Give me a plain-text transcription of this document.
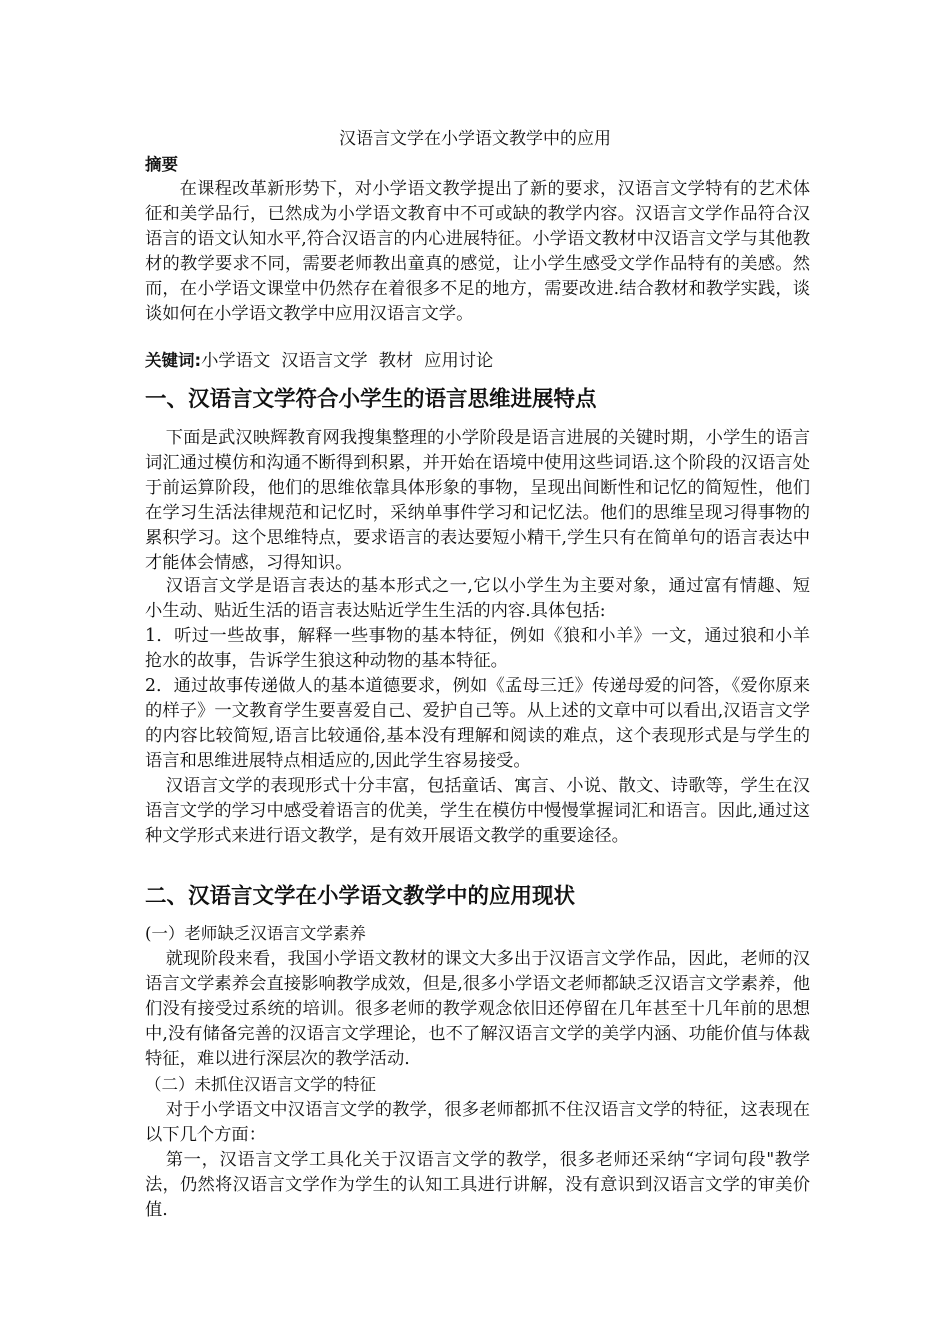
汉语言文学在小学语文教学中的应用
摘要

在课程改革新形势下，对小学语文教学提出了新的要求，汉语言文学特有的艺术体征和美学品行，已然成为小学语文教育中不可或缺的教学内容。汉语言文学作品符合汉语言的语文认知水平,符合汉语言的内心进展特征。小学语文教材中汉语言文学与其他教材的教学要求不同，需要老师教出童真的感觉，让小学生感受文学作品特有的美感。然而，在小学语文课堂中仍然存在着很多不足的地方，需要改进.结合教材和教学实践，谈谈如何在小学语文教学中应用汉语言文学。

关键词:小学语文  汉语言文学  教材  应用讨论
一、汉语言文学符合小学生的语言思维进展特点

下面是武汉映辉教育网我搜集整理的小学阶段是语言进展的关键时期，小学生的语言词汇通过模仿和沟通不断得到积累，并开始在语境中使用这些词语.这个阶段的汉语言处于前运算阶段，他们的思维依靠具体形象的事物，呈现出间断性和记忆的简短性，他们在学习生活法律规范和记忆时，采纳单事件学习和记忆法。他们的思维呈现习得事物的累积学习。这个思维特点，要求语言的表达要短小精干,学生只有在简单句的语言表达中才能体会情感，习得知识。

汉语言文学是语言表达的基本形式之一,它以小学生为主要对象，通过富有情趣、短小生动、贴近生活的语言表达贴近学生生活的内容.具体包括:

1．听过一些故事，解释一些事物的基本特征，例如《狼和小羊》一文，通过狼和小羊抢水的故事，告诉学生狼这种动物的基本特征。

2．通过故事传递做人的基本道德要求，例如《孟母三迁》传递母爱的问答，《爱你原来的样子》一文教育学生要喜爱自己、爱护自己等。从上述的文章中可以看出,汉语言文学的内容比较简短,语言比较通俗,基本没有理解和阅读的难点，这个表现形式是与学生的语言和思维进展特点相适应的,因此学生容易接受。

汉语言文学的表现形式十分丰富，包括童话、寓言、小说、散文、诗歌等，学生在汉语言文学的学习中感受着语言的优美，学生在模仿中慢慢掌握词汇和语言。因此,通过这种文学形式来进行语文教学，是有效开展语文教学的重要途径。

二、汉语言文学在小学语文教学中的应用现状
(一）老师缺乏汉语言文学素养

就现阶段来看，我国小学语文教材的课文大多出于汉语言文学作品，因此，老师的汉语言文学素养会直接影响教学成效，但是,很多小学语文老师都缺乏汉语言文学素养，他们没有接受过系统的培训。很多老师的教学观念依旧还停留在几年甚至十几年前的思想中,没有储备完善的汉语言文学理论，也不了解汉语言文学的美学内涵、功能价值与体裁特征，难以进行深层次的教学活动.

（二）未抓住汉语言文学的特征

对于小学语文中汉语言文学的教学，很多老师都抓不住汉语言文学的特征，这表现在以下几个方面：

第一，汉语言文学工具化关于汉语言文学的教学，很多老师还采纳“字词句段"教学法，仍然将汉语言文学作为学生的认知工具进行讲解，没有意识到汉语言文学的审美价值.
